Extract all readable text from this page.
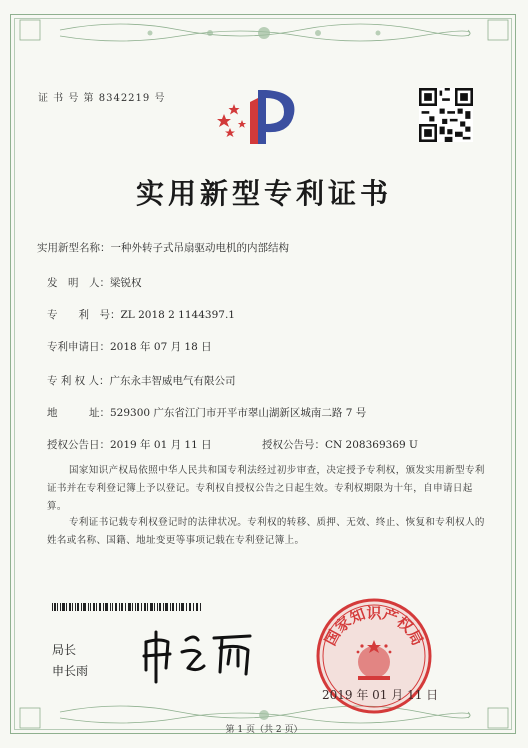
证 书 号 第 8342219 号
实用新型专利证书
实用新型名称：一种外转子式吊扇驱动电机的内部结构
发　明　人：梁锐权
专　　利　号：ZL 2018 2 1144397.1
专利申请日：2018 年 07 月 18 日
专 利 权 人：广东永丰智威电气有限公司
地　　　址：529300 广东省江门市开平市翠山湖新区城南二路 7 号
授权公告日：2019 年 01 月 11 日	授权公告号：CN 208369369 U
国家知识产权局依照中华人民共和国专利法经过初步审查，决定授予专利权，颁发实用新型专利证书并在专利登记簿上予以登记。专利权自授权公告之日起生效。专利权期限为十年，自申请日起算。
专利证书记载专利权登记时的法律状况。专利权的转移、质押、无效、终止、恢复和专利权人的姓名或名称、国籍、地址变更等事项记载在专利登记簿上。
局长
申长雨
国家知识产权局
2019 年 01 月 11 日
第 1 页（共 2 页）
